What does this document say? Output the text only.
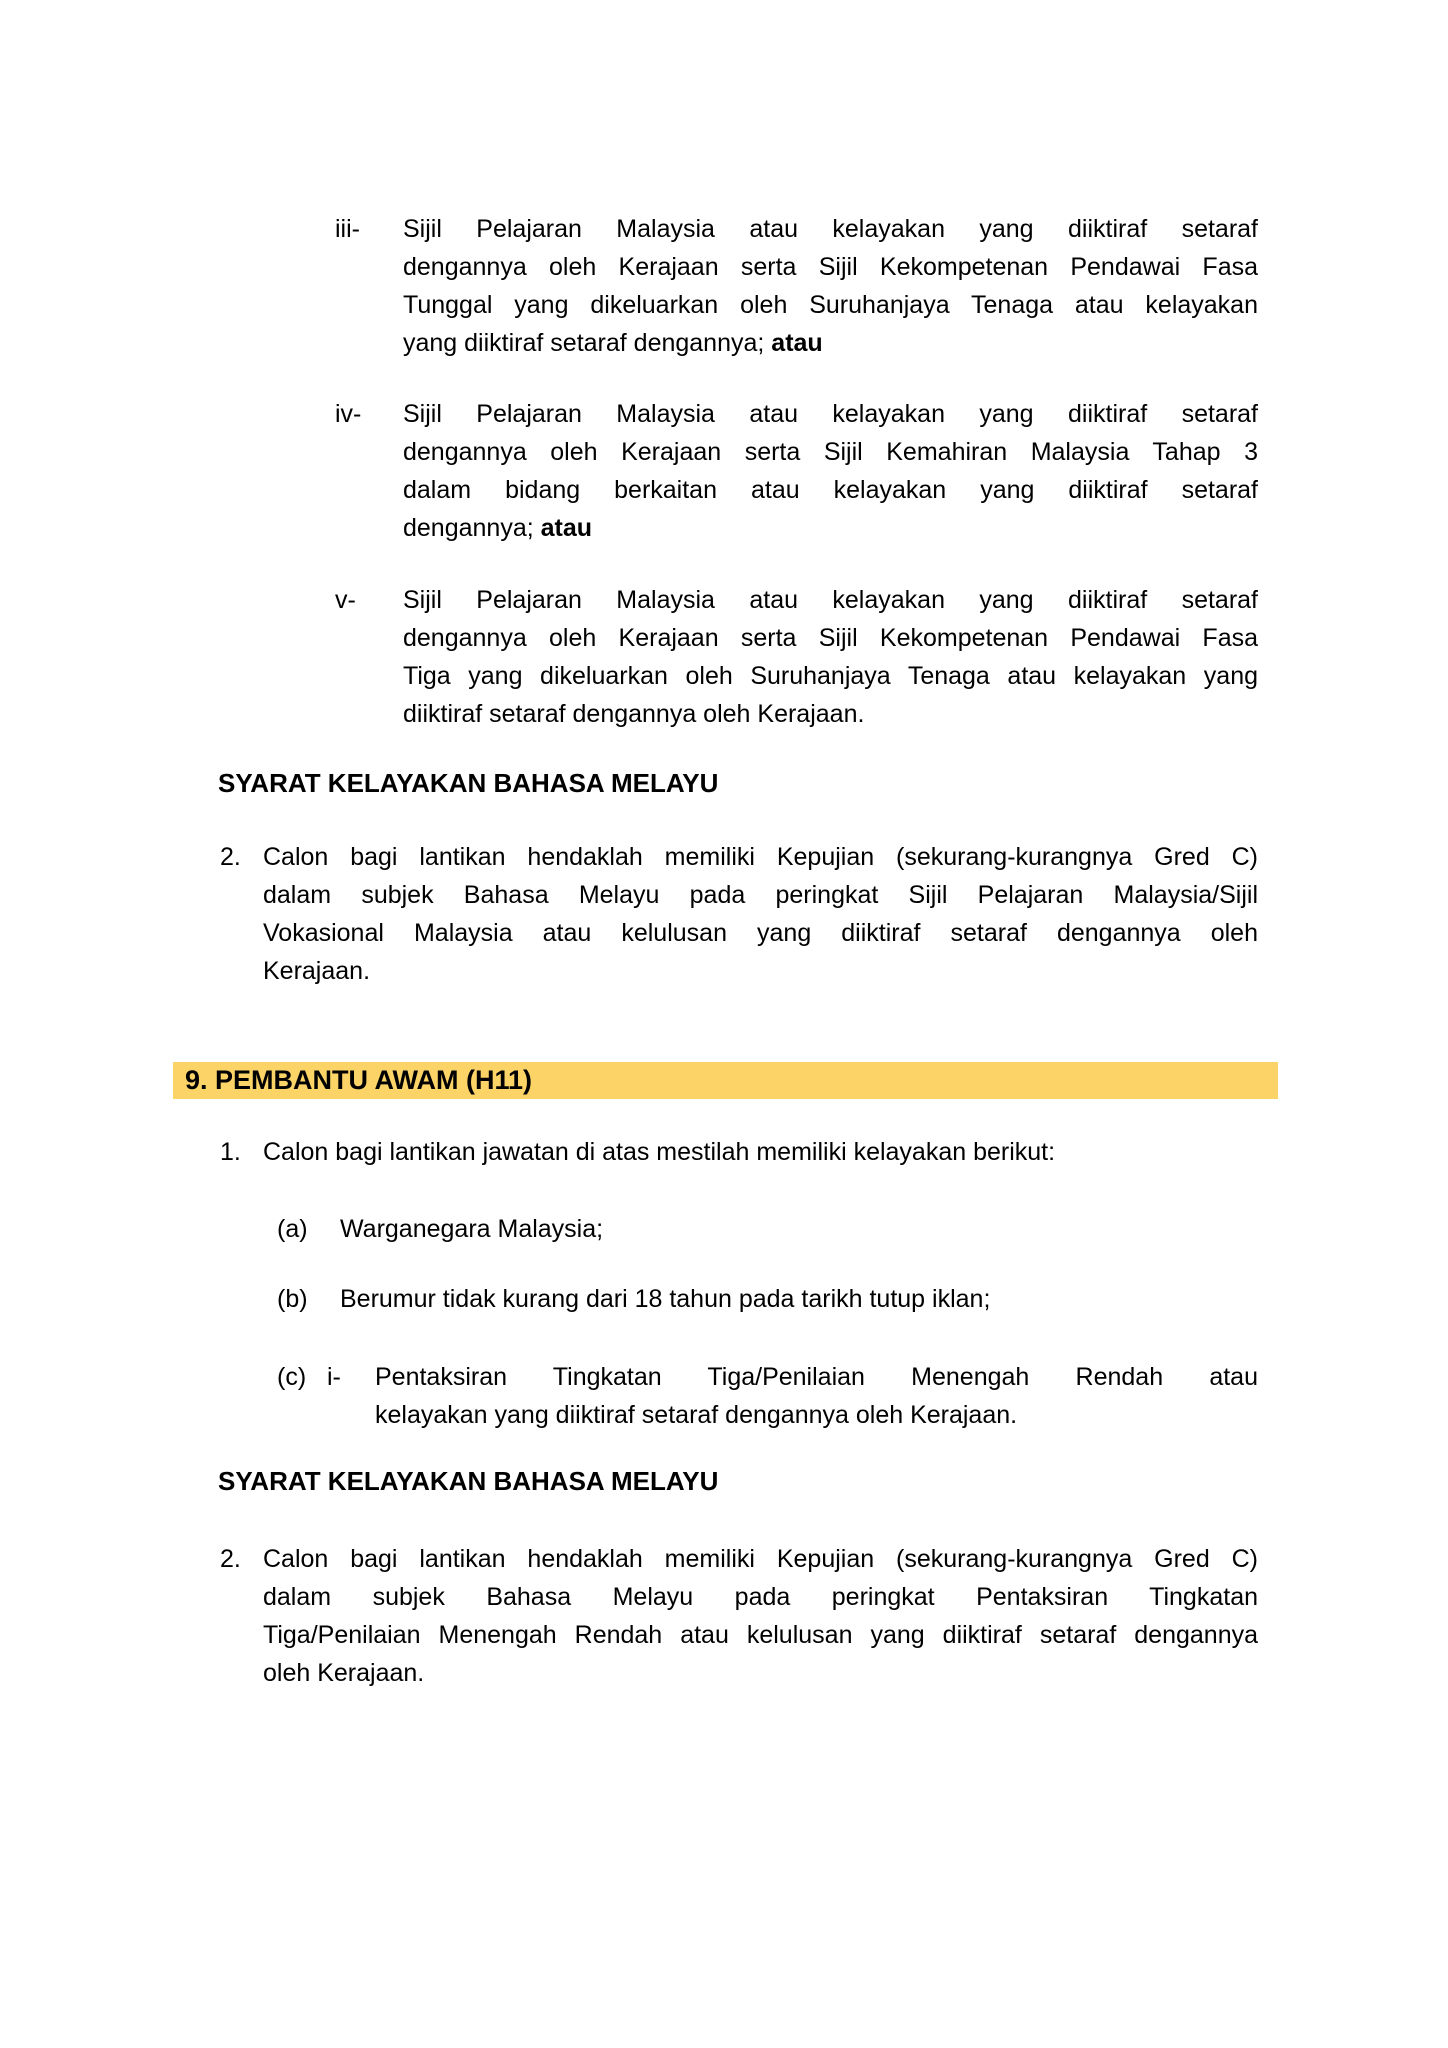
iii- Sijil Pelajaran Malaysia atau kelayakan yang diiktiraf setaraf
dengannya oleh Kerajaan serta Sijil Kekompetenan Pendawai Fasa
Tunggal yang dikeluarkan oleh Suruhanjaya Tenaga atau kelayakan
yang diiktiraf setaraf dengannya; atau
iv- Sijil Pelajaran Malaysia atau kelayakan yang diiktiraf setaraf
dengannya oleh Kerajaan serta Sijil Kemahiran Malaysia Tahap 3
dalam bidang berkaitan atau kelayakan yang diiktiraf setaraf
dengannya; atau
v- Sijil Pelajaran Malaysia atau kelayakan yang diiktiraf setaraf
dengannya oleh Kerajaan serta Sijil Kekompetenan Pendawai Fasa
Tiga yang dikeluarkan oleh Suruhanjaya Tenaga atau kelayakan yang
diiktiraf setaraf dengannya oleh Kerajaan.
SYARAT KELAYAKAN BAHASA MELAYU
2. Calon bagi lantikan hendaklah memiliki Kepujian (sekurang-kurangnya Gred C)
dalam subjek Bahasa Melayu pada peringkat Sijil Pelajaran Malaysia/Sijil
Vokasional Malaysia atau kelulusan yang diiktiraf setaraf dengannya oleh
Kerajaan.
9. PEMBANTU AWAM (H11)
1. Calon bagi lantikan jawatan di atas mestilah memiliki kelayakan berikut:
(a) Warganegara Malaysia;
(b) Berumur tidak kurang dari 18 tahun pada tarikh tutup iklan;
(c) i- Pentaksiran Tingkatan Tiga/Penilaian Menengah Rendah atau
kelayakan yang diiktiraf setaraf dengannya oleh Kerajaan.
SYARAT KELAYAKAN BAHASA MELAYU
2. Calon bagi lantikan hendaklah memiliki Kepujian (sekurang-kurangnya Gred C)
dalam subjek Bahasa Melayu pada peringkat Pentaksiran Tingkatan
Tiga/Penilaian Menengah Rendah atau kelulusan yang diiktiraf setaraf dengannya
oleh Kerajaan.
